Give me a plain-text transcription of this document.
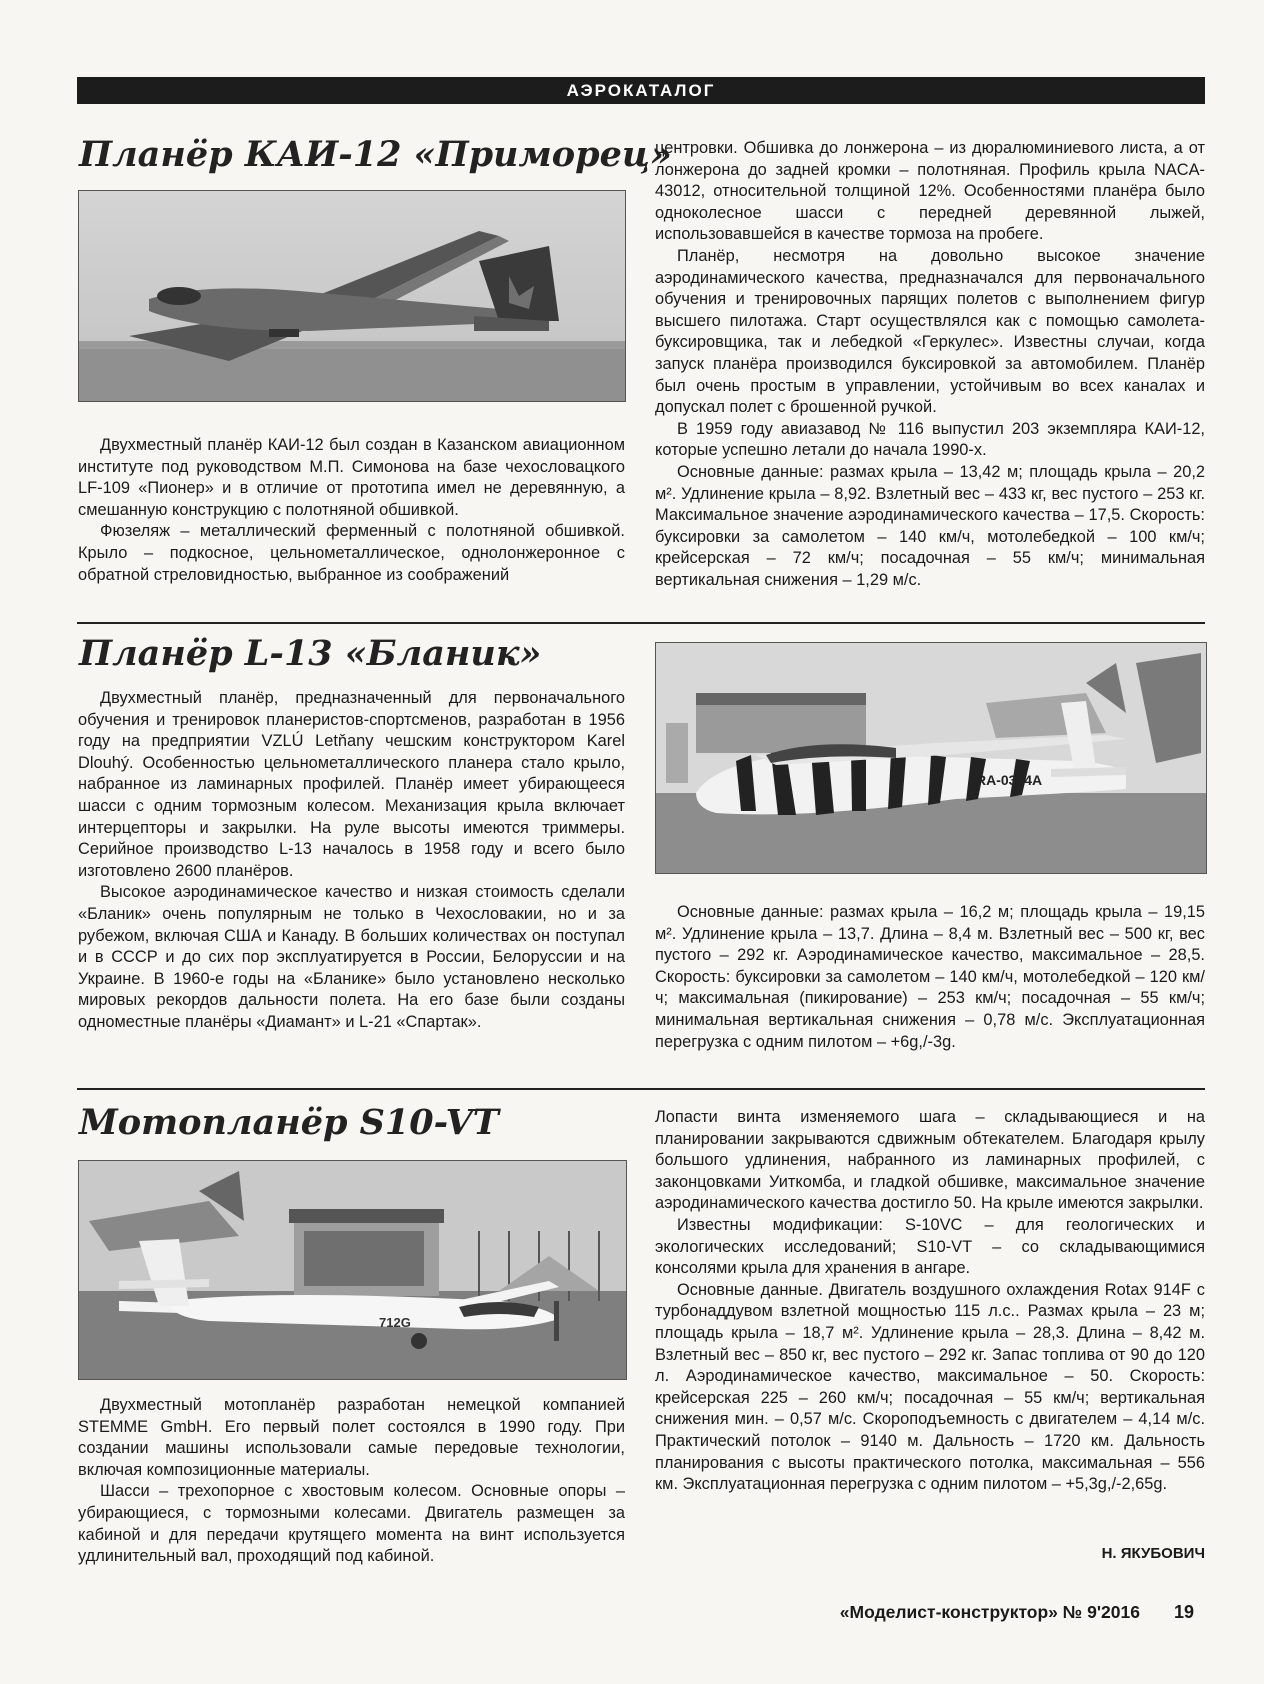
АЭРОКАТАЛОГ
Планёр КАИ-12 «Приморец»

Двухместный планёр КАИ-12 был создан в Казанском авиационном институте под руководством М.П. Симонова на базе чехословацкого LF-109 «Пионер» и в отличие от прототипа имел не деревянную, а смешанную конструкцию с полотняной обшивкой.

Фюзеляж – металлический ферменный с полотняной обшивкой. Крыло – подкосное, цельнометаллическое, однолонжеронное с обратной стреловидностью, выбранное из соображений

центровки. Обшивка до лонжерона – из дюралюминиевого листа, а от лонжерона до задней кромки – полотняная. Профиль крыла NACA-43012, относительной толщиной 12%. Особенностями планёра было одноколесное шасси с передней деревянной лыжей, использовавшейся в качестве тормоза на пробеге.

Планёр, несмотря на довольно высокое значение аэродинамического качества, предназначался для первоначального обучения и тренировочных парящих полетов с выполнением фигур высшего пилотажа. Старт осуществлялся как с помощью самолета-буксировщика, так и лебедкой «Геркулес». Известны случаи, когда запуск планёра производился буксировкой за автомобилем. Планёр был очень простым в управлении, устойчивым во всех каналах и допускал полет с брошенной ручкой.

В 1959 году авиазавод № 116 выпустил 203 экземпляра КАИ-12, которые успешно летали до начала 1990-х.

Основные данные: размах крыла – 13,42 м; площадь крыла – 20,2 м². Удлинение крыла – 8,92. Взлетный вес – 433 кг, вес пустого – 253 кг. Максимальное значение аэродинамического качества – 17,5. Скорость: буксировки за самолетом – 140 км/ч, мотолебедкой – 100 км/ч; крейсерская – 72 км/ч; посадочная – 55 км/ч; минимальная вертикальная снижения – 1,29 м/с.

Планёр L-13 «Бланик»

Двухместный планёр, предназначенный для первоначального обучения и тренировок планеристов-спортсменов, разработан в 1956 году на предприятии VZLÚ Letňany чешским конструктором Karel Dlouhý. Особенностью цельнометаллического планера стало крыло, набранное из ламинарных профилей. Планёр имеет убирающееся шасси с одним тормозным колесом. Механизация крыла включает интерцепторы и закрылки. На руле высоты имеются триммеры. Серийное производство L-13 началось в 1958 году и всего было изготовлено 2600 планёров.

Высокое аэродинамическое качество и низкая стоимость сделали «Бланик» очень популярным не только в Чехословакии, но и за рубежом, включая США и Канаду. В больших количествах он поступал и в СССР и до сих пор эксплуатируется в России, Белоруссии и на Украине. В 1960-е годы на «Бланике» было установлено несколько мировых рекордов дальности полета. На его базе были созданы одноместные планёры «Диамант» и L-21 «Спартак».

RA-0374A

Основные данные: размах крыла – 16,2 м; площадь крыла – 19,15 м². Удлинение крыла – 13,7. Длина – 8,4 м. Взлетный вес – 500 кг, вес пустого – 292 кг. Аэродинамическое качество, максимальное – 28,5. Скорость: буксировки за самолетом – 140 км/ч, мотолебедкой – 120 км/ч; максимальная (пикирование) – 253 км/ч; посадочная – 55 км/ч; минимальная вертикальная снижения – 0,78 м/с. Эксплуатационная перегрузка с одним пилотом – +6g,/-3g.

Мотопланёр S10-VT
712G

Двухместный мотопланёр разработан немецкой компанией STEMME GmbH. Его первый полет состоялся в 1990 году. При создании машины использовали самые передовые технологии, включая композиционные материалы.

Шасси – трехопорное с хвостовым колесом. Основные опоры – убирающиеся, с тормозными колесами. Двигатель размещен за кабиной и для передачи крутящего момента на винт используется удлинительный вал, проходящий под кабиной.

Лопасти винта изменяемого шага – складывающиеся и на планировании закрываются сдвижным обтекателем. Благодаря крылу большого удлинения, набранного из ламинарных профилей, с законцовками Уиткомба, и гладкой обшивке, максимальное значение аэродинамического качества достигло 50. На крыле имеются закрылки.

Известны модификации: S-10VC – для геологических и экологических исследований; S10-VT – со складывающимися консолями крыла для хранения в ангаре.

Основные данные. Двигатель воздушного охлаждения Rotax 914F с турбонаддувом взлетной мощностью 115 л.с.. Размах крыла – 23 м; площадь крыла – 18,7 м². Удлинение крыла – 28,3. Длина – 8,42 м. Взлетный вес – 850 кг, вес пустого – 292 кг. Запас топлива от 90 до 120 л. Аэродинамическое качество, максимальное – 50. Скорость: крейсерская 225 – 260 км/ч; посадочная – 55 км/ч; вертикальная снижения мин. – 0,57 м/с. Скороподъемность с двигателем – 4,14 м/с. Практический потолок – 9140 м. Дальность – 1720 км. Дальность планирования с высоты практического потолка, максимальная – 556 км. Эксплуатационная перегрузка с одним пилотом – +5,3g,/-2,65g.

Н. ЯКУБОВИЧ
«Моделист-конструктор» № 9'2016 19
